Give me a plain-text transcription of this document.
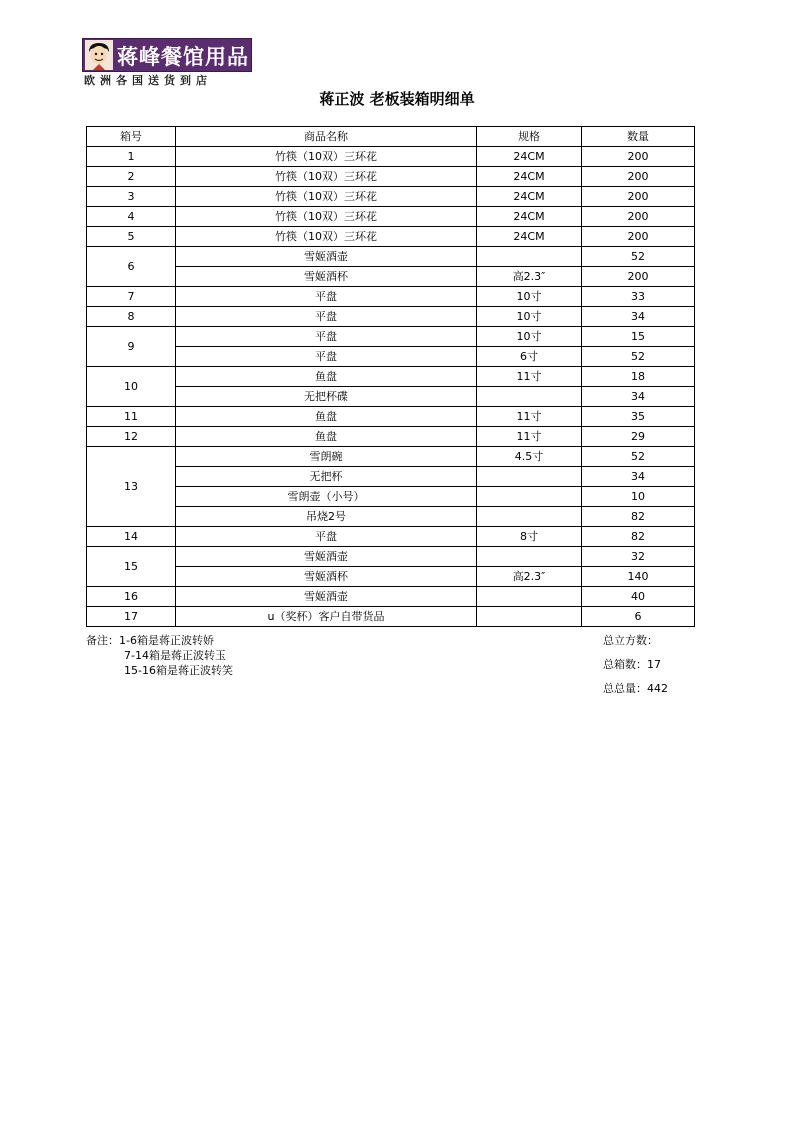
蒋峰餐馆用品
欧洲各国送货到店
蒋正波 老板装箱明细单
箱号	商品名称	规格	数量
1	竹筷（10双）三环花	24CM	200
2	竹筷（10双）三环花	24CM	200
3	竹筷（10双）三环花	24CM	200
4	竹筷（10双）三环花	24CM	200
5	竹筷（10双）三环花	24CM	200
6	雪姬酒壶		52
	雪姬酒杯	高2.3″	200
7	平盘	10寸	33
8	平盘	10寸	34
9	平盘	10寸	15
	平盘	6寸	52
10	鱼盘	11寸	18
	无把杯碟		34
11	鱼盘	11寸	35
12	鱼盘	11寸	29
13	雪朗碗	4.5寸	52
	无把杯		34
	雪朗壶（小号）		10
	吊烧2号		82
14	平盘	8寸	82
15	雪姬酒壶		32
	雪姬酒杯	高2.3″	140
16	雪姬酒壶		40
17	u（奖杯）客户自带货品		6
备注：1-6箱是蒋正波转娇
7-14箱是蒋正波转玉
15-16箱是蒋正波转笑
总立方数：
总箱数：17
总总量：442
